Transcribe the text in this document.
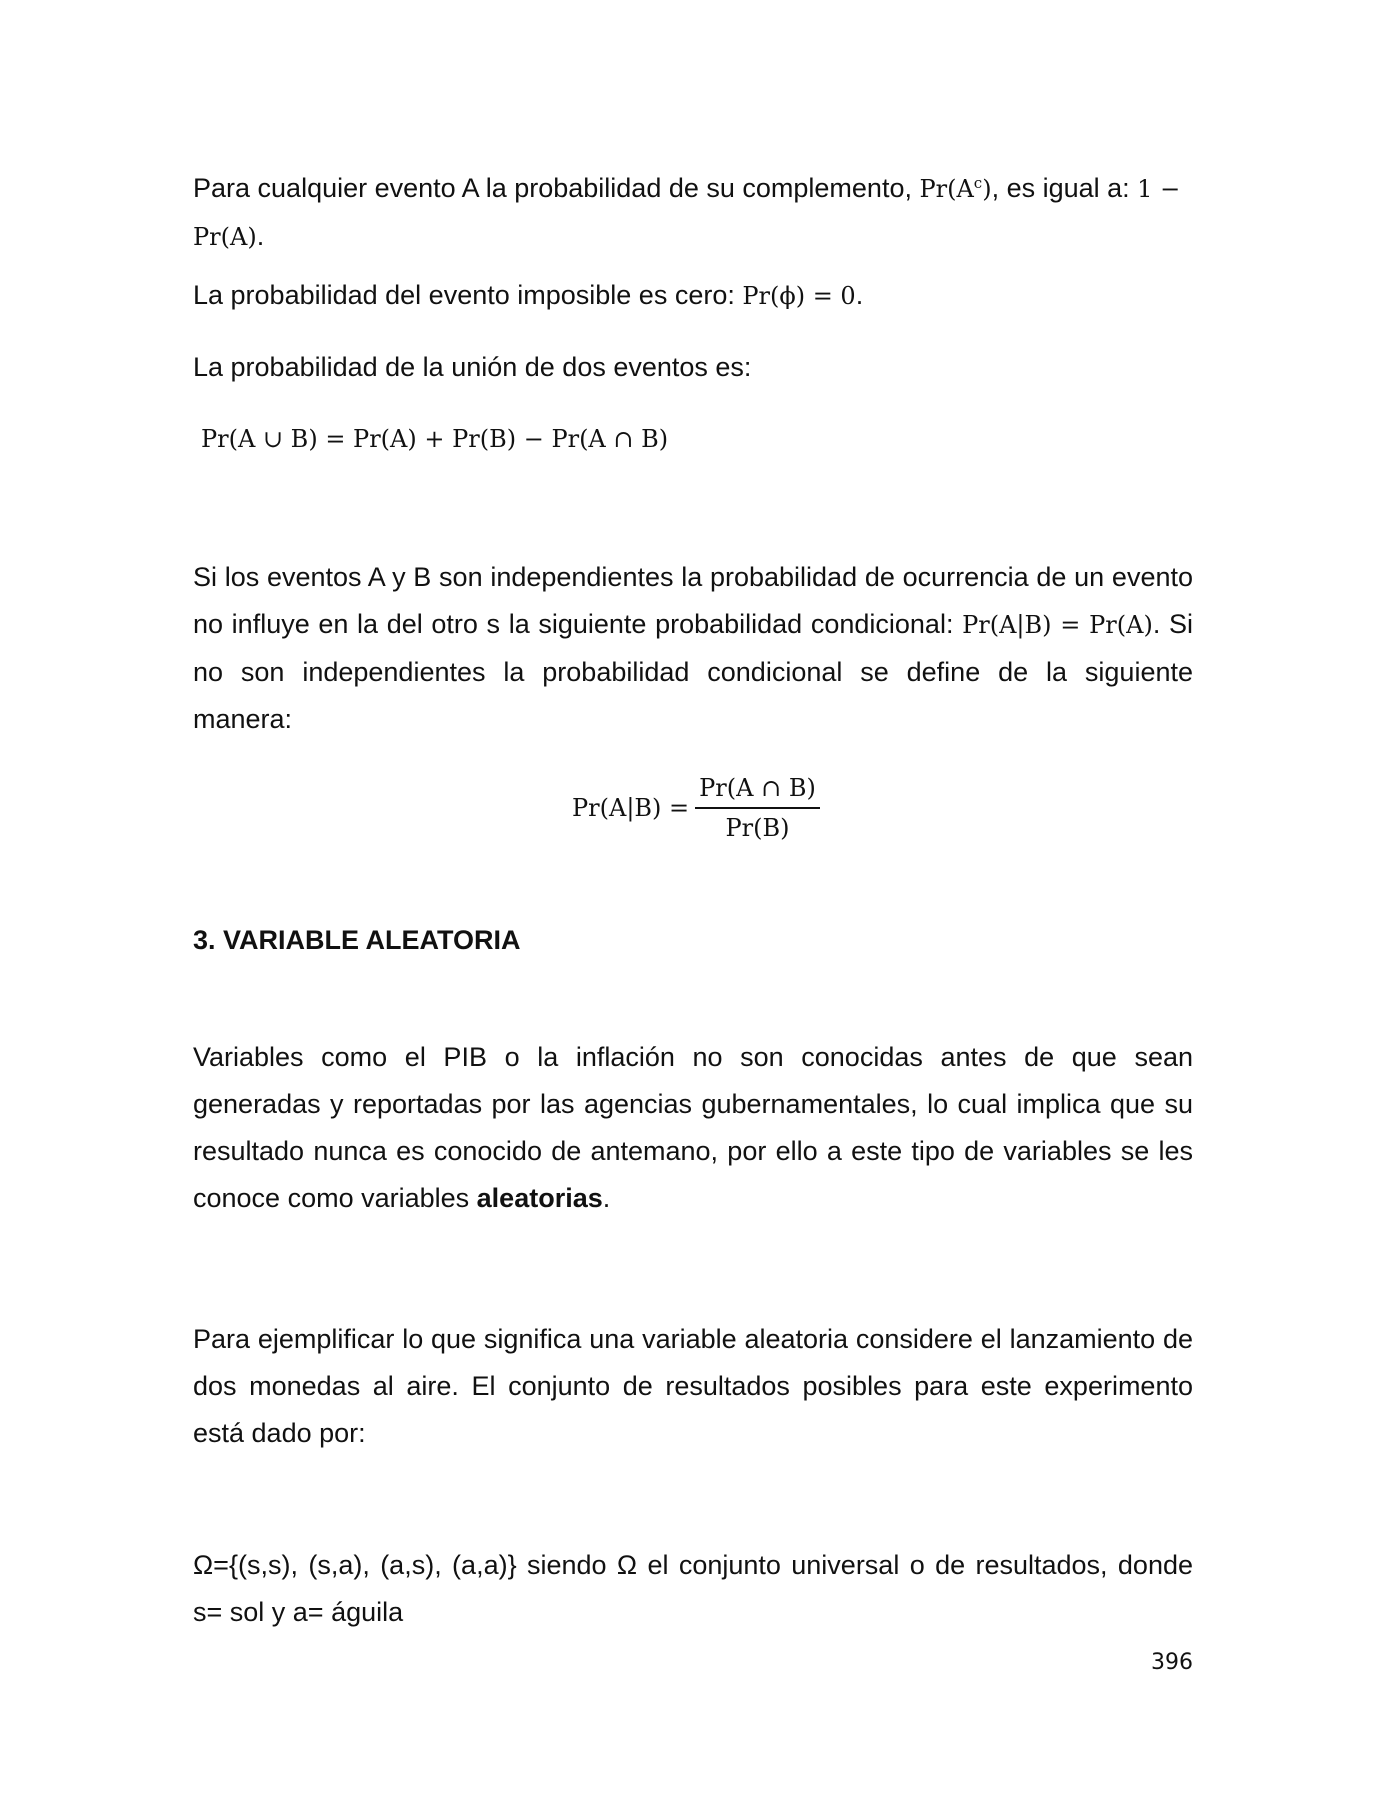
Para cualquier evento A la probabilidad de su complemento, $Pr(A^c)$, es igual a: 1 − Pr(A).

La probabilidad del evento imposible es cero: Pr(ϕ) = 0.

La probabilidad de la unión de dos eventos es:

Pr(A ∪ B) = Pr(A) + Pr(B) − Pr(A ∩ B)

Si los eventos A y B son independientes la probabilidad de ocurrencia de un evento no influye en la del otro s la siguiente probabilidad condicional: Pr(A|B) = Pr(A). Si no son independientes la probabilidad condicional se define de la siguiente manera:

$Pr(A|B) = \frac{Pr(A \cap B)}{Pr(B)}$
3. VARIABLE ALEATORIA

Variables como el PIB o la inflación no son conocidas antes de que sean generadas y reportadas por las agencias gubernamentales, lo cual implica que su resultado nunca es conocido de antemano, por ello a este tipo de variables se les conoce como variables aleatorias.

Para ejemplificar lo que significa una variable aleatoria considere el lanzamiento de dos monedas al aire. El conjunto de resultados posibles para este experimento está dado por:

Ω={(s,s), (s,a), (a,s), (a,a)} siendo Ω el conjunto universal o de resultados, donde s= sol y a= águila

396
